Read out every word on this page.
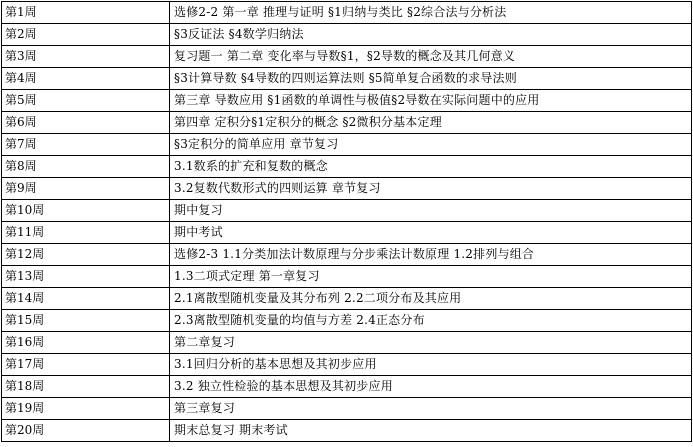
第1周	选修2-2 第一章 推理与证明 §1归纳与类比 §2综合法与分析法
第2周	§3反证法 §4数学归纳法
第3周	复习题一 第二章 变化率与导数§1，§2导数的概念及其几何意义
第4周	§3计算导数 §4导数的四则运算法则 §5简单复合函数的求导法则
第5周	第三章 导数应用 §1函数的单调性与极值§2导数在实际问题中的应用
第6周	第四章 定积分§1定积分的概念 §2微积分基本定理
第7周	§3定积分的简单应用 章节复习
第8周	3.1数系的扩充和复数的概念
第9周	3.2复数代数形式的四则运算 章节复习
第10周	期中复习
第11周	期中考试
第12周	选修2-3 1.1分类加法计数原理与分步乘法计数原理 1.2排列与组合
第13周	1.3二项式定理 第一章复习
第14周	2.1离散型随机变量及其分布列 2.2二项分布及其应用
第15周	2.3离散型随机变量的均值与方差 2.4正态分布
第16周	第二章复习
第17周	3.1回归分析的基本思想及其初步应用
第18周	3.2 独立性检验的基本思想及其初步应用
第19周	第三章复习
第20周	期末总复习 期末考试
